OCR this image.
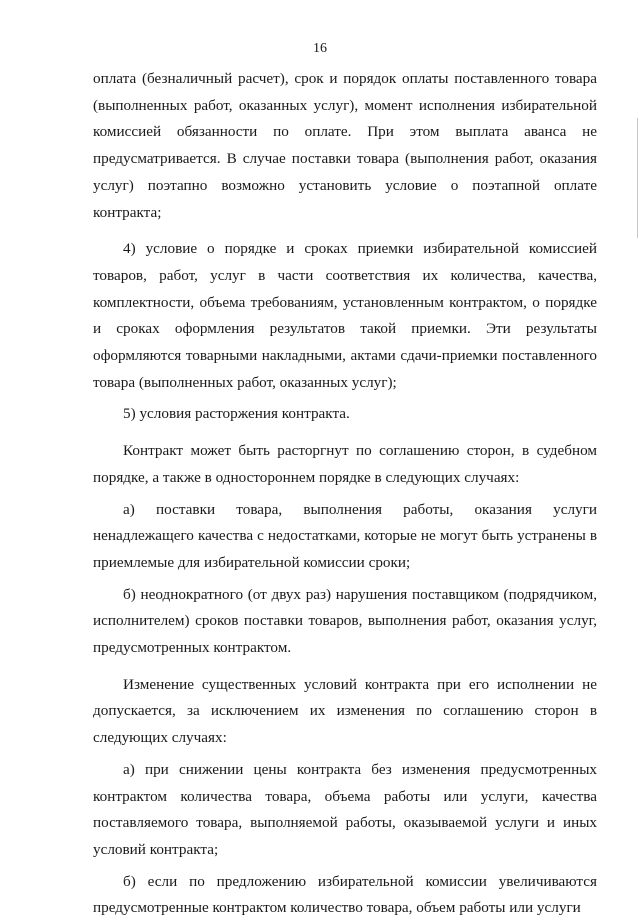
16

оплата (безналичный расчет), срок и порядок оплаты поставленного товара (выполненных работ, оказанных услуг), момент исполнения избирательной комиссией обязанности по оплате. При этом выплата аванса не предусматривается. В случае поставки товара (выполнения работ, оказания услуг) поэтапно возможно установить условие о поэтапной оплате контракта;

4) условие о порядке и сроках приемки избирательной комиссией товаров, работ, услуг в части соответствия их количества, качества, комплектности, объема требованиям, установленным контрактом, о порядке и сроках оформления результатов такой приемки. Эти результаты оформляются товарными накладными, актами сдачи-приемки поставленного товара (выполненных работ, оказанных услуг);

5) условия расторжения контракта.

Контракт может быть расторгнут по соглашению сторон, в судебном порядке, а также в одностороннем порядке в следующих случаях:

а) поставки товара, выполнения работы, оказания услуги ненадлежащего качества с недостатками, которые не могут быть устранены в приемлемые для избирательной комиссии сроки;

б) неоднократного (от двух раз) нарушения поставщиком (подрядчиком, исполнителем) сроков поставки товаров, выполнения работ, оказания услуг, предусмотренных контрактом.

Изменение существенных условий контракта при его исполнении не допускается, за исключением их изменения по соглашению сторон в следующих случаях:

а) при снижении цены контракта без изменения предусмотренных контрактом количества товара, объема работы или услуги, качества поставляемого товара, выполняемой работы, оказываемой услуги и иных условий контракта;

б) если по предложению избирательной комиссии увеличиваются предусмотренные контрактом количество товара, объем работы или услуги
